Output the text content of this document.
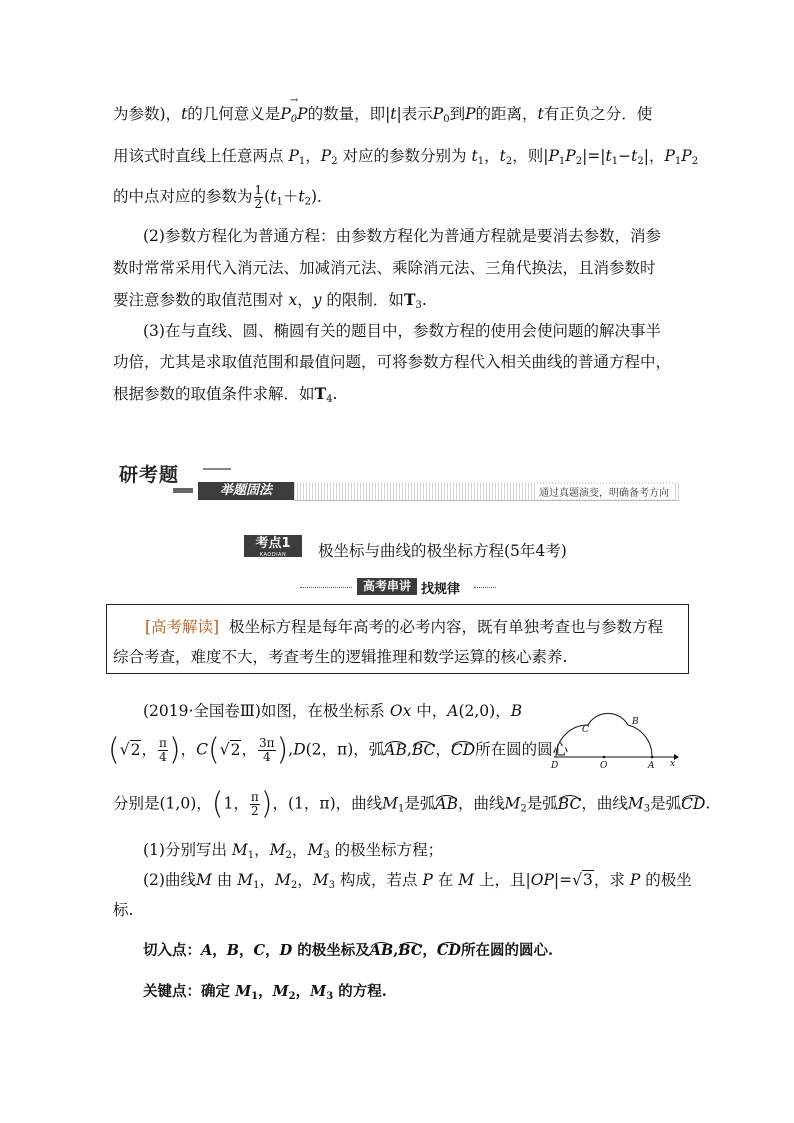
为参数)，t的几何意义是
→
$P_0P$的数量，即|t|表示$P_0$到P的距离，t有正负之分．使
用该式时直线上任意两点 $P_1$，$P_2$ 对应的参数分别为 $t_1$，$t_2$，则$|P_1P_2|=|t_1-t_2|$，$P_1P_2$
的中点对应的参数为 $\frac{1}{2} (t_1+t_2)$．
(2)参数方程化为普通方程：由参数方程化为普通方程就是要消去参数，消参
数时常常采用代入消元法、加减消元法、乘除消元法、三角代换法，且消参数时
要注意参数的取值范围对 x，y 的限制．如$T_3$.
(3)在与直线、圆、椭圆有关的题目中，参数方程的使用会使问题的解决事半
功倍，尤其是求取值范围和最值问题，可将参数方程代入相关曲线的普通方程中，
根据参数的取值条件求解．如$T_4$.
研考题
举题固法	通过真题演变，明确备考方向
考点1
KAODIAN	极坐标与曲线的极坐标方程(5年4考)
高考串讲 找规律
[高考解读] 极坐标方程是每年高考的必考内容，既有单独考查也与参数方程
综合考查，难度不大，考查考生的逻辑推理和数学运算的核心素养.
(2019·全国卷Ⅲ)如图，在极坐标系 Ox 中，A(2,0)，B
(√2， $\frac{\pi}{4}$ )，C(√2， $\frac{3\pi}{4} ),D(2$，π)，弧AB,BC，CD所在圆的圆心
分别是(1,0)，(1， $\frac{\pi}{2}$ )，(1，π)，曲线$M_1$是弧AB，曲线$M_2$是弧BC，曲线$M_3$是弧CD.
(1)分别写出 $M_1$，$M_2$，$M_3$ 的极坐标方程；
(2)曲线M 由 $M_1$，$M_2$，$M_3$ 构成，若点 P 在 M 上，且|OP|=√3，求 P 的极坐
标.
切入点：A，B，C，D 的极坐标及AB,BC，CD所在圆的圆心.
关键点：确定 $M_1$，$M_2$，$M_3$ 的方程.
C
B
D	O	A x
